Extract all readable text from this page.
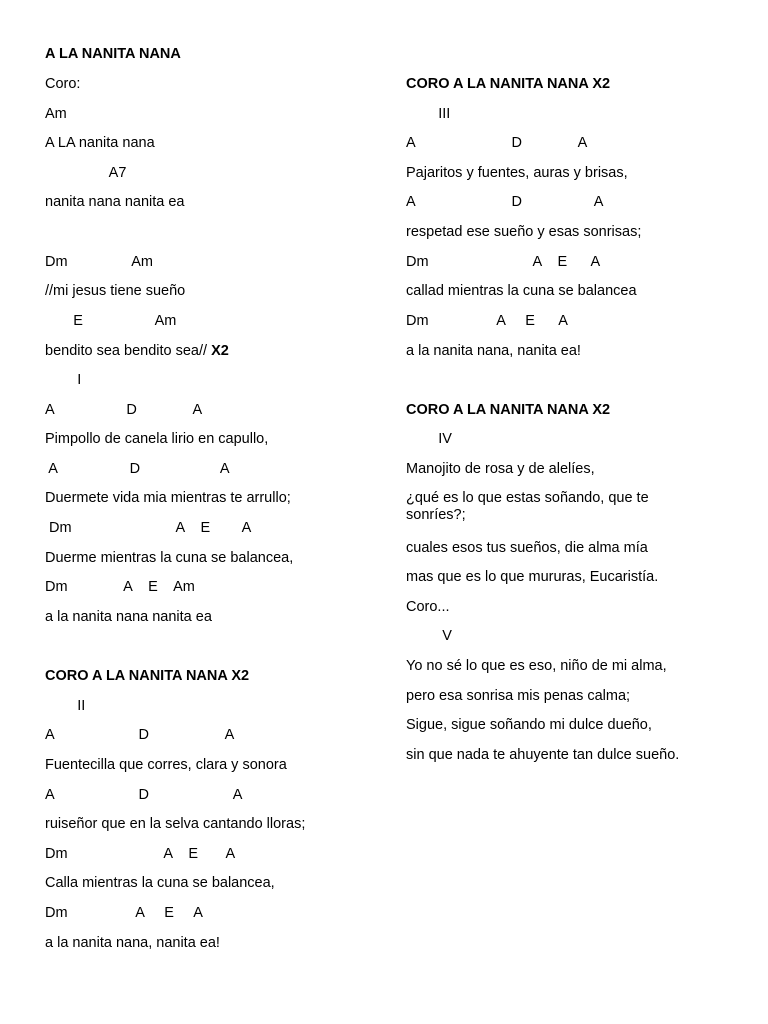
A LA NANITA NANA
Coro:
Am
A LA nanita nana
A7
nanita nana nanita ea
Dm                Am
//mi jesus tiene sueño
E                  Am
bendito sea bendito sea// X2
I
A                  D              A
Pimpollo de canela lirio en capullo,
A                  D                    A
Duermete vida mia mientras te arrullo;
Dm                          A    E        A
Duerme mientras la cuna se balancea,
Dm              A    E    Am
a la nanita nana nanita ea
CORO A LA NANITA NANA X2
II
A                     D                   A
Fuentecilla que corres, clara y sonora
A                     D                     A
ruiseñor que en la selva cantando lloras;
Dm                        A    E       A
Calla mientras la cuna se balancea,
Dm                 A     E     A
a la nanita nana, nanita ea!
CORO A LA NANITA NANA X2
III
A                        D              A
Pajaritos y fuentes, auras y brisas,
A                        D                  A
respetad ese sueño y esas sonrisas;
Dm                          A    E      A
callad mientras la cuna se balancea
Dm                 A     E      A
a la nanita nana, nanita ea!
CORO A LA NANITA NANA X2
IV
Manojito de rosa y de alelíes,
¿qué es lo que estas soñando, que te sonríes?;
cuales esos tus sueños, die alma mía
mas que es lo que mururas, Eucaristía.
Coro...
V
Yo no sé lo que es eso, niño de mi alma,
pero esa sonrisa mis penas calma;
Sigue, sigue soñando mi dulce dueño,
sin que nada te ahuyente tan dulce sueño.
